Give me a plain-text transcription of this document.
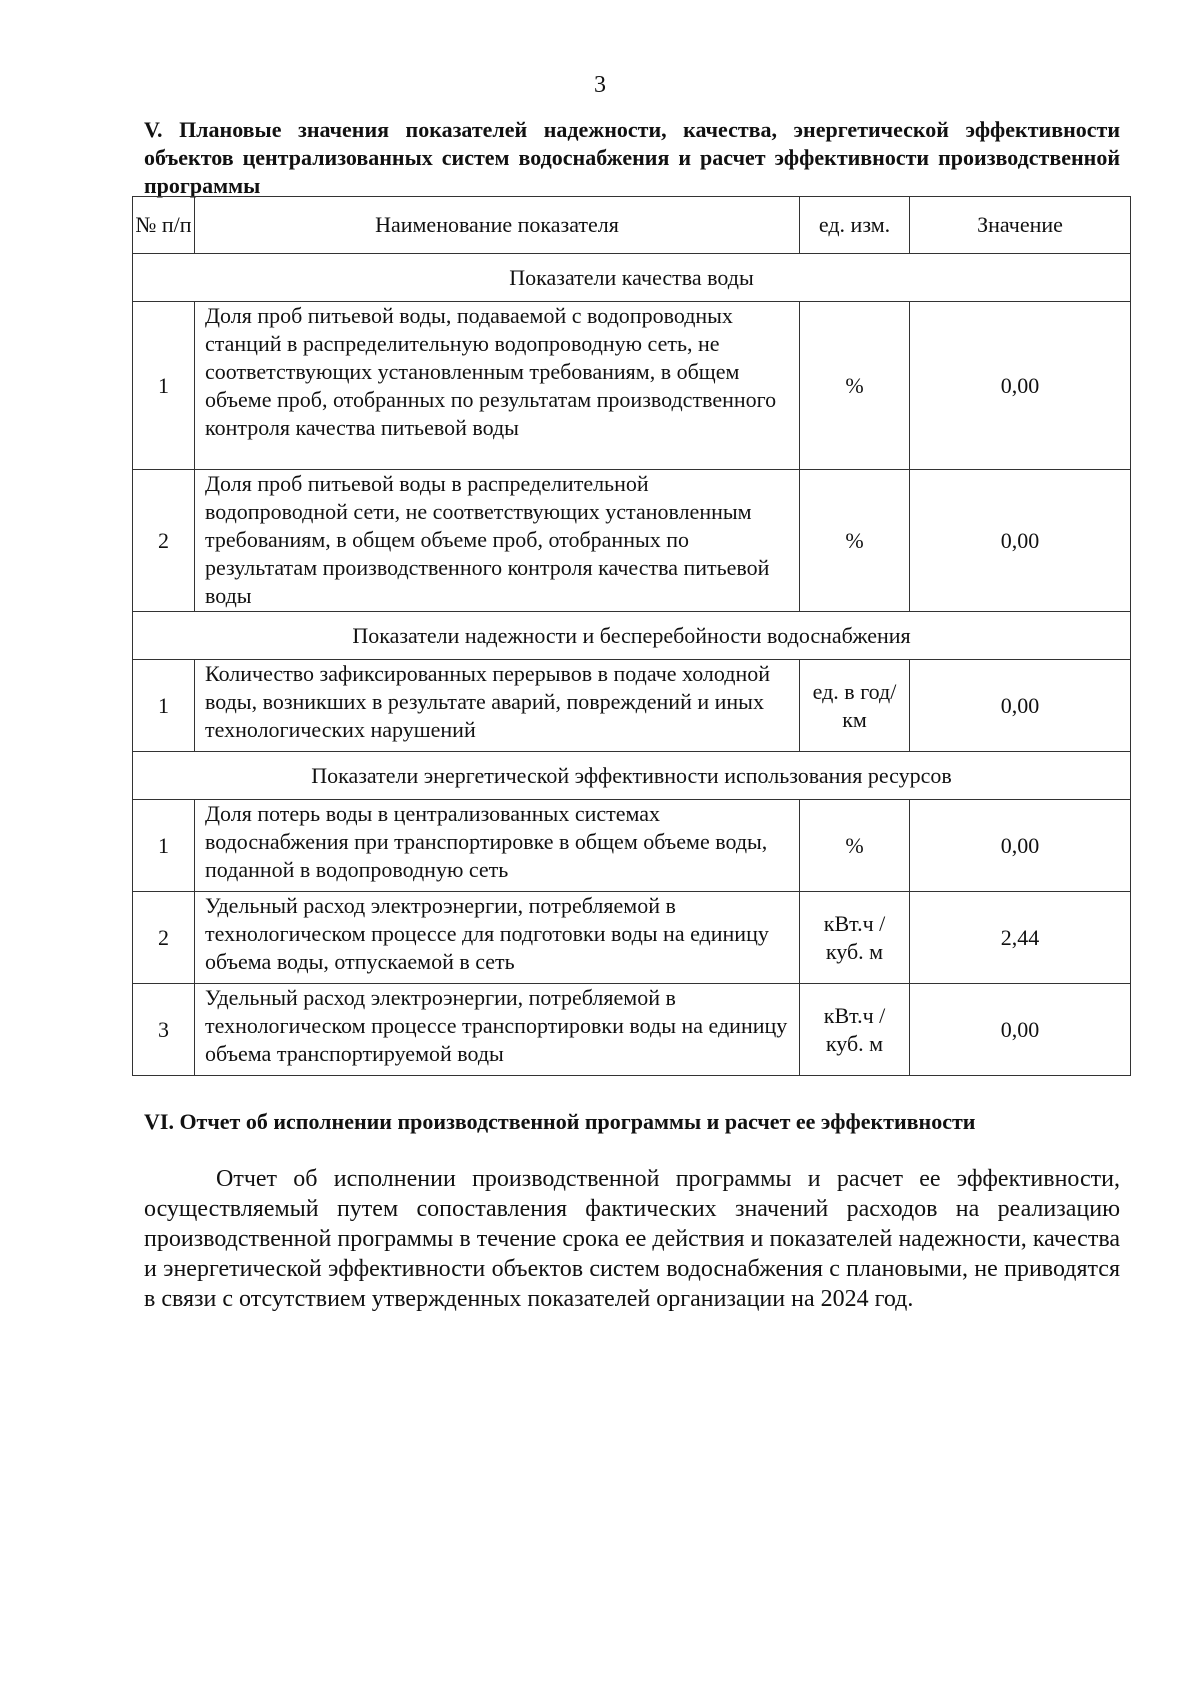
3
V. Плановые значения показателей надежности, качества, энергетической эффективности объектов централизованных систем водоснабжения и расчет эффективности производственной программы
№ п/п	Наименование показателя	ед. изм.	Значение
Показатели качества воды			
1	Доля проб питьевой воды, подаваемой с водопроводных станций в распределительную водопроводную сеть, не соответствующих установленным требованиям, в общем объеме проб, отобранных по результатам производственного контроля качества питьевой воды	%	0,00
2	Доля проб питьевой воды в распределительной водопроводной сети, не соответствующих установленным требованиям, в общем объеме проб, отобранных по результатам производственного контроля качества питьевой воды	%	0,00
Показатели надежности и бесперебойности водоснабжения			
1	Количество зафиксированных перерывов в подаче холодной воды, возникших в результате аварий, повреждений и иных технологических нарушений	ед. в год/ км	0,00
Показатели энергетической эффективности использования ресурсов			
1	Доля потерь воды в централизованных системах водоснабжения при транспортировке в общем объеме воды, поданной в водопроводную сеть	%	0,00
2	Удельный расход электроэнергии, потребляемой в технологическом процессе для подготовки воды на единицу объема воды, отпускаемой в сеть	кВт.ч / куб. м	2,44
3	Удельный расход электроэнергии, потребляемой в технологическом процессе транспортировки воды на единицу объема транспортируемой воды	кВт.ч / куб. м	0,00
VI. Отчет об исполнении производственной программы и расчет ее эффективности

Отчет об исполнении производственной программы и расчет ее эффективности, осуществляемый путем сопоставления фактических значений расходов на реализацию производственной программы в течение срока ее действия и показателей надежности, качества и энергетической эффективности объектов систем водоснабжения с плановыми, не приводятся в связи с отсутствием утвержденных показателей организации на 2024 год.
